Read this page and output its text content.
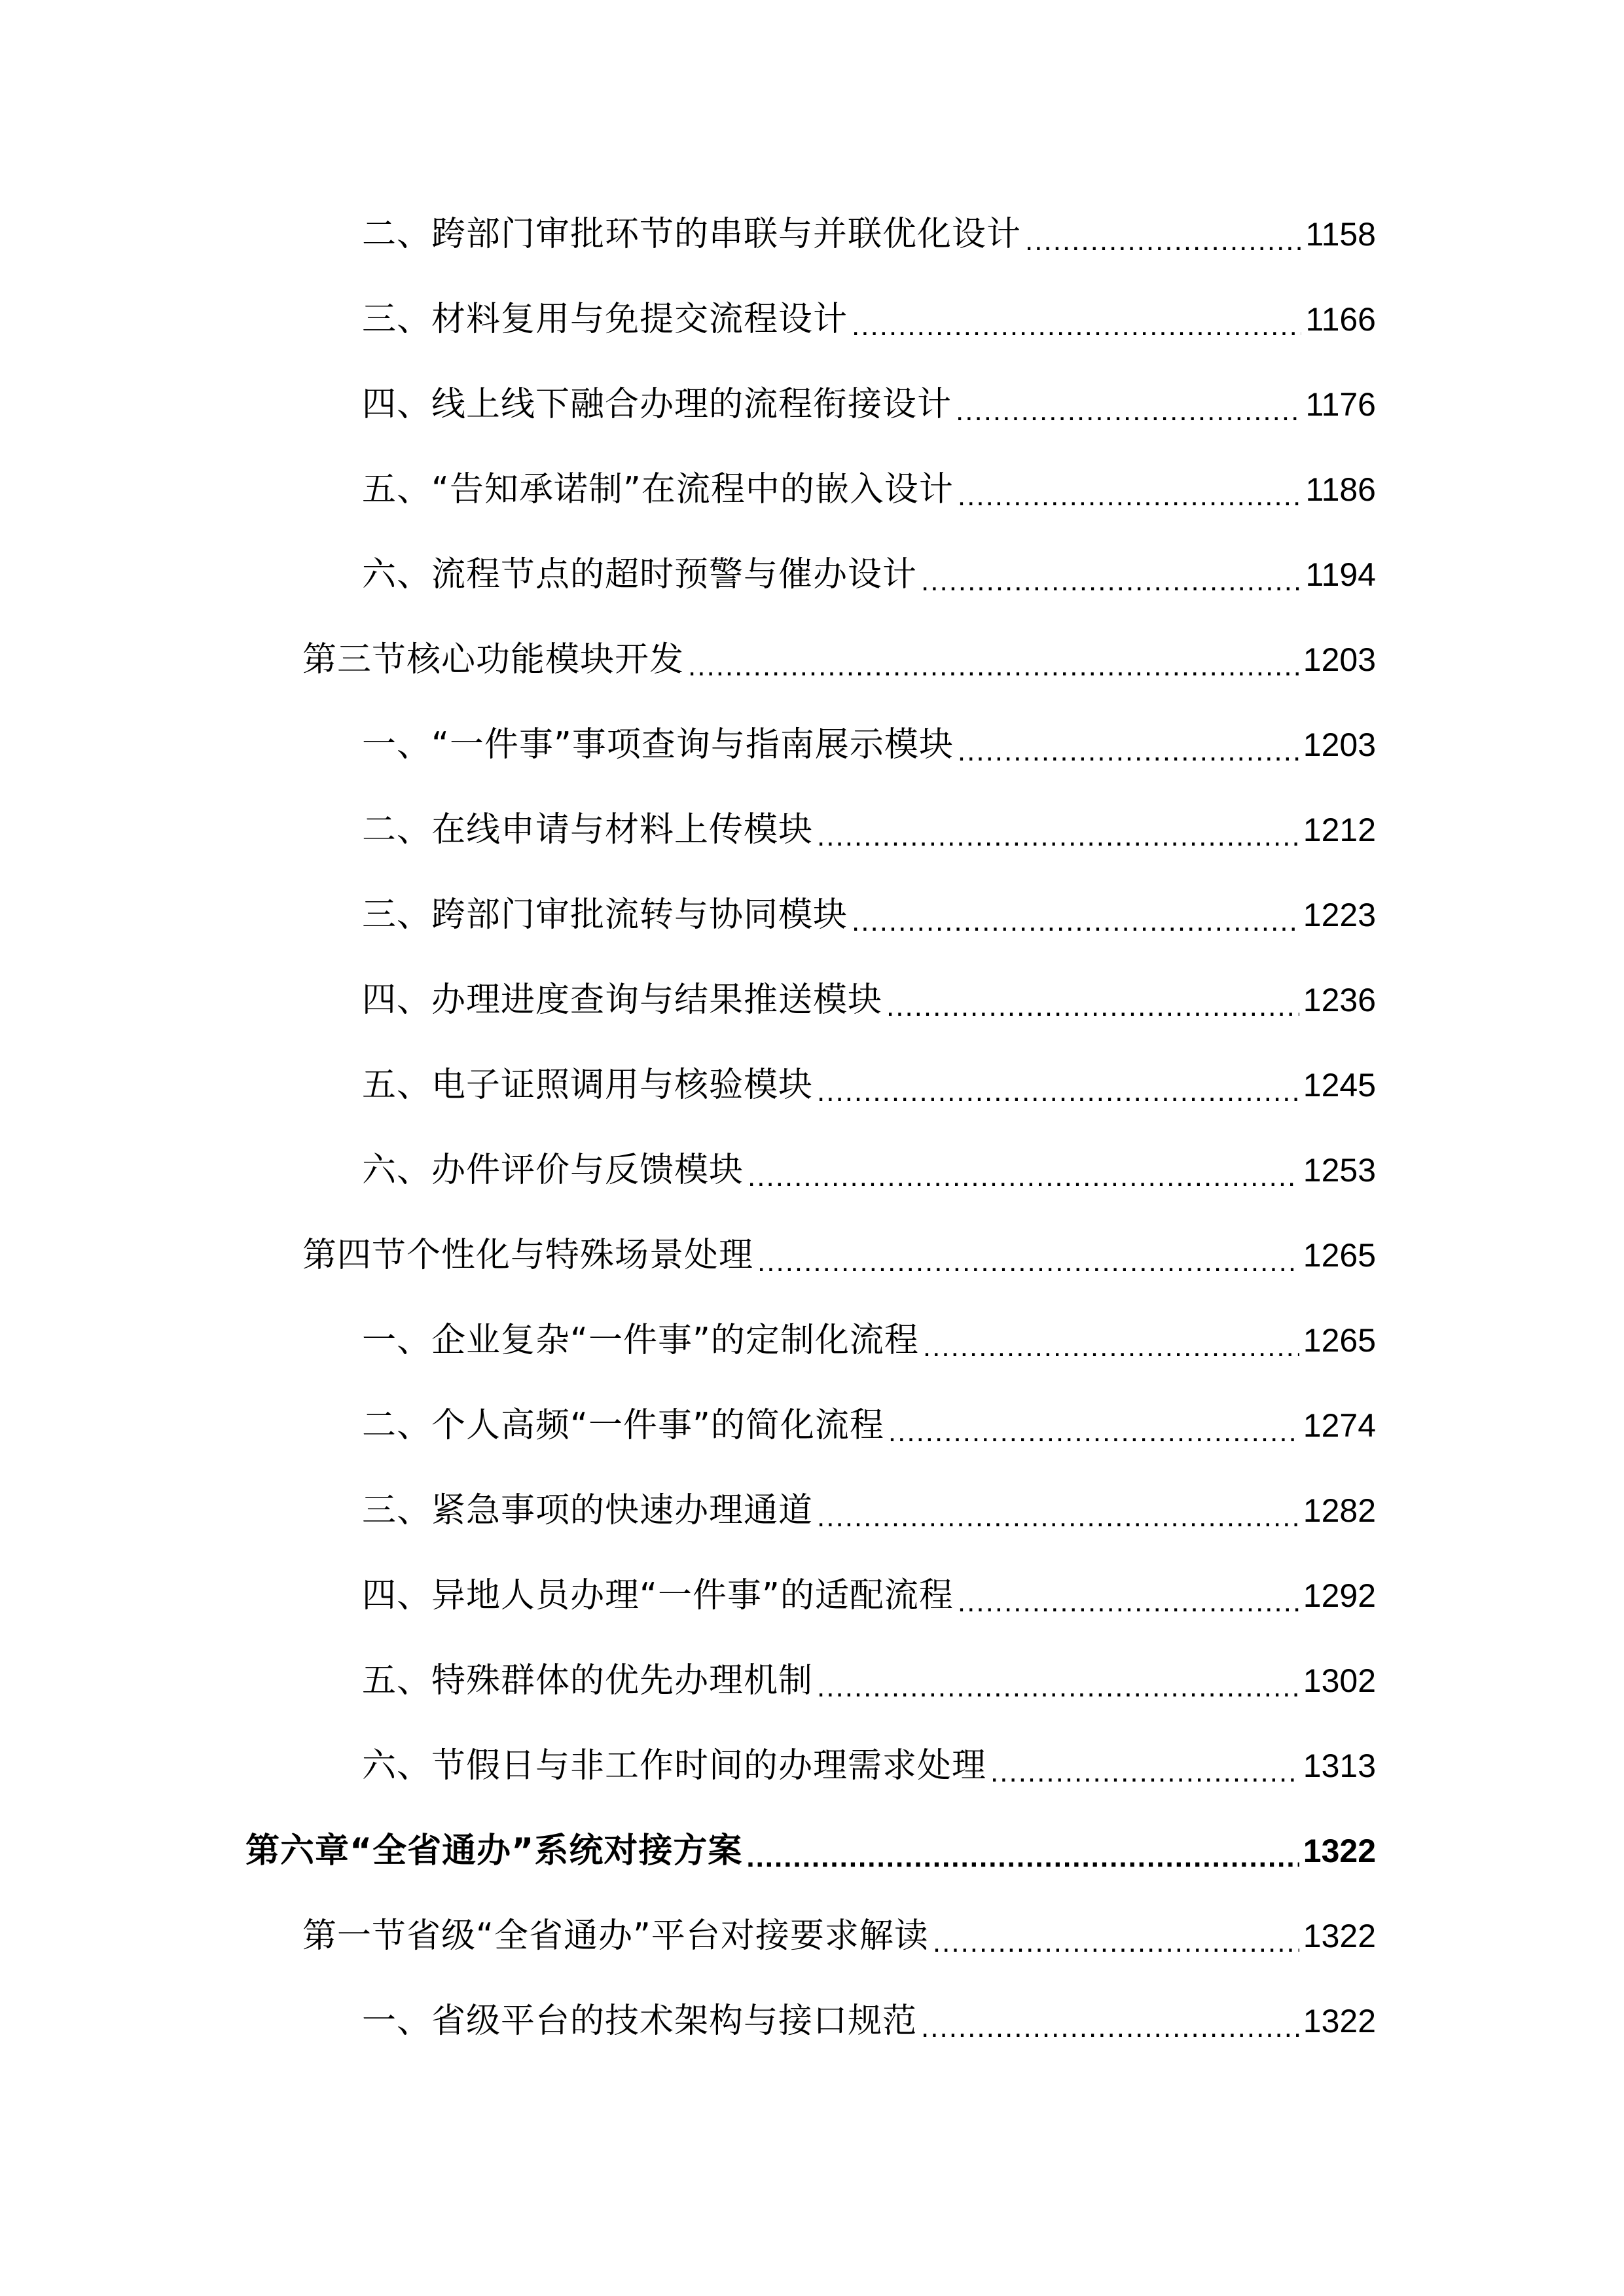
二、跨部门审批环节的串联与并联优化设计 .....	1158
三、材料复用与免提交流程设计 .....	1166
四、线上线下融合办理的流程衔接设计 .....	1176
五、“告知承诺制”在流程中的嵌入设计 .....	1186
六、流程节点的超时预警与催办设计 .....	1194
第三节核心功能模块开发 .....	1203
一、“一件事”事项查询与指南展示模块 .....	1203
二、在线申请与材料上传模块 .....	1212
三、跨部门审批流转与协同模块 .....	1223
四、办理进度查询与结果推送模块 .....	1236
五、电子证照调用与核验模块 .....	1245
六、办件评价与反馈模块 .....	1253
第四节个性化与特殊场景处理 .....	1265
一、企业复杂“一件事”的定制化流程 .....	1265
二、个人高频“一件事”的简化流程 .....	1274
三、紧急事项的快速办理通道 .....	1282
四、异地人员办理“一件事”的适配流程 .....	1292
五、特殊群体的优先办理机制 .....	1302
六、节假日与非工作时间的办理需求处理 .....	1313
第六章“全省通办”系统对接方案 .....	1322
第一节省级“全省通办”平台对接要求解读 .....	1322
一、省级平台的技术架构与接口规范 .....	1322
